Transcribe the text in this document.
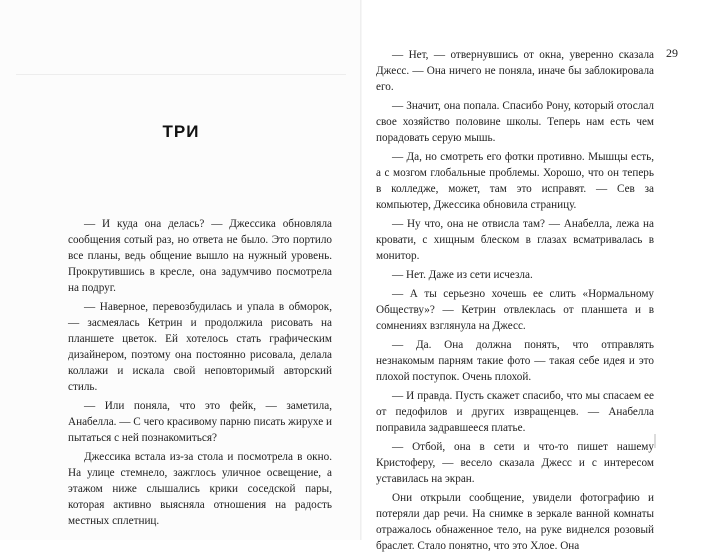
ТРИ

— И куда она делась? — Джессика обновляла сообщения сотый раз, но ответа не было. Это портило все планы, ведь общение вышло на нужный уровень. Прокрутившись в кресле, она задумчиво посмотрела на подруг.

— Наверное, перевозбудилась и упала в обморок, — засмеялась Кетрин и продолжила рисовать на планшете цветок. Ей хотелось стать графическим дизайнером, поэтому она постоянно рисовала, делала коллажи и искала свой неповторимый авторский стиль.

— Или поняла, что это фейк, — заметила, Анабелла. — С чего красивому парню писать жирухе и пытаться с ней познакомиться?

Джессика встала из-за стола и посмотрела в окно. На улице стемнело, зажглось уличное освещение, а этажом ниже слышались крики соседской пары, которая активно выясняла отношения на радость местных сплетниц.

— Нет, — отвернувшись от окна, уверенно сказала Джесс. — Она ничего не поняла, иначе бы заблокировала его.

— Значит, она попала. Спасибо Рону, который отослал свое хозяйство половине школы. Теперь нам есть чем порадовать серую мышь.

— Да, но смотреть его фотки противно. Мышцы есть, а с мозгом глобальные проблемы. Хорошо, что он теперь в колледже, может, там это исправят. — Сев за компьютер, Джессика обновила страницу.

— Ну что, она не отвисла там? — Анабелла, лежа на кровати, с хищным блеском в глазах всматривалась в монитор.

— Нет. Даже из сети исчезла.

— А ты серьезно хочешь ее слить «Нормальному Обществу»? — Кетрин отвлеклась от планшета и в сомнениях взглянула на Джесс.

— Да. Она должна понять, что отправлять незнакомым парням такие фото — такая себе идея и это плохой поступок. Очень плохой.

— И правда. Пусть скажет спасибо, что мы спасаем ее от педофилов и других извращенцев. — Анабелла поправила задравшееся платье.

— Отбой, она в сети и что-то пишет нашему Кристоферу, — весело сказала Джесс и с интересом уставилась на экран.

Они открыли сообщение, увидели фотографию и потеряли дар речи. На снимке в зеркале ванной комнаты отражалось обнаженное тело, на руке виднелся розовый браслет. Стало понятно, что это Хлое. Она

29
